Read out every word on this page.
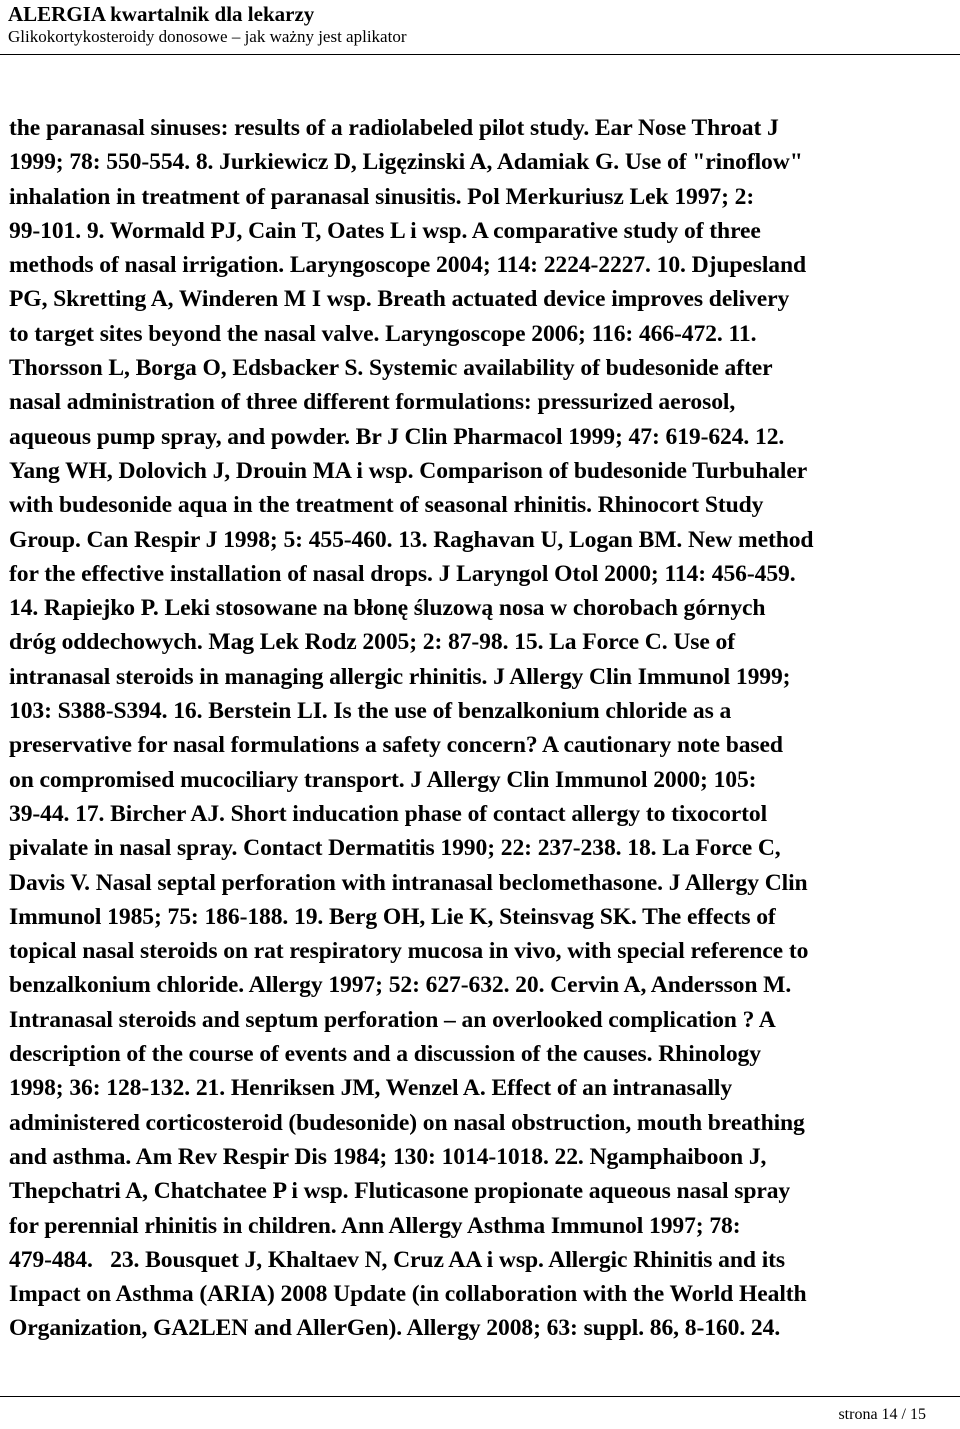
ALERGIA kwartalnik dla lekarzy
Glikokortykosteroidy donosowe – jak ważny jest aplikator
the paranasal sinuses: results of a radiolabeled pilot study. Ear Nose Throat J
1999; 78: 550-554. 8. Jurkiewicz D, Ligęzinski A, Adamiak G. Use of "rinoflow"
inhalation in treatment of paranasal sinusitis. Pol Merkuriusz Lek 1997; 2:
99-101. 9. Wormald PJ, Cain T, Oates L i wsp. A comparative study of three
methods of nasal irrigation. Laryngoscope 2004; 114: 2224-2227. 10. Djupesland
PG, Skretting A, Winderen M I wsp. Breath actuated device improves delivery
to target sites beyond the nasal valve. Laryngoscope 2006; 116: 466-472. 11.
Thorsson L, Borga O, Edsbacker S. Systemic availability of budesonide after
nasal administration of three different formulations: pressurized aerosol,
aqueous pump spray, and powder. Br J Clin Pharmacol 1999; 47: 619-624. 12.
Yang WH, Dolovich J, Drouin MA i wsp. Comparison of budesonide Turbuhaler
with budesonide aqua in the treatment of seasonal rhinitis. Rhinocort Study
Group. Can Respir J 1998; 5: 455-460. 13. Raghavan U, Logan BM. New method
for the effective installation of nasal drops. J Laryngol Otol 2000; 114: 456-459.
14. Rapiejko P. Leki stosowane na błonę śluzową nosa w chorobach górnych
dróg oddechowych. Mag Lek Rodz 2005; 2: 87-98. 15. La Force C. Use of
intranasal steroids in managing allergic rhinitis. J Allergy Clin Immunol 1999;
103: S388-S394. 16. Berstein LI. Is the use of benzalkonium chloride as a
preservative for nasal formulations a safety concern? A cautionary note based
on compromised mucociliary transport. J Allergy Clin Immunol 2000; 105:
39-44. 17. Bircher AJ. Short inducation phase of contact allergy to tixocortol
pivalate in nasal spray. Contact Dermatitis 1990; 22: 237-238. 18. La Force C,
Davis V. Nasal septal perforation with intranasal beclomethasone. J Allergy Clin
Immunol 1985; 75: 186-188. 19. Berg OH, Lie K, Steinsvag SK. The effects of
topical nasal steroids on rat respiratory mucosa in vivo, with special reference to
benzalkonium chloride. Allergy 1997; 52: 627-632. 20. Cervin A, Andersson M.
Intranasal steroids and septum perforation – an overlooked complication ? A
description of the course of events and a discussion of the causes. Rhinology
1998; 36: 128-132. 21. Henriksen JM, Wenzel A. Effect of an intranasally
administered corticosteroid (budesonide) on nasal obstruction, mouth breathing
and asthma. Am Rev Respir Dis 1984; 130: 1014-1018. 22. Ngamphaiboon J,
Thepchatri A, Chatchatee P i wsp. Fluticasone propionate aqueous nasal spray
for perennial rhinitis in children. Ann Allergy Asthma Immunol 1997; 78:
479-484.   23. Bousquet J, Khaltaev N, Cruz AA i wsp. Allergic Rhinitis and its
Impact on Asthma (ARIA) 2008 Update (in collaboration with the World Health
Organization, GA2LEN and AllerGen). Allergy 2008; 63: suppl. 86, 8-160. 24.
strona 14 / 15
